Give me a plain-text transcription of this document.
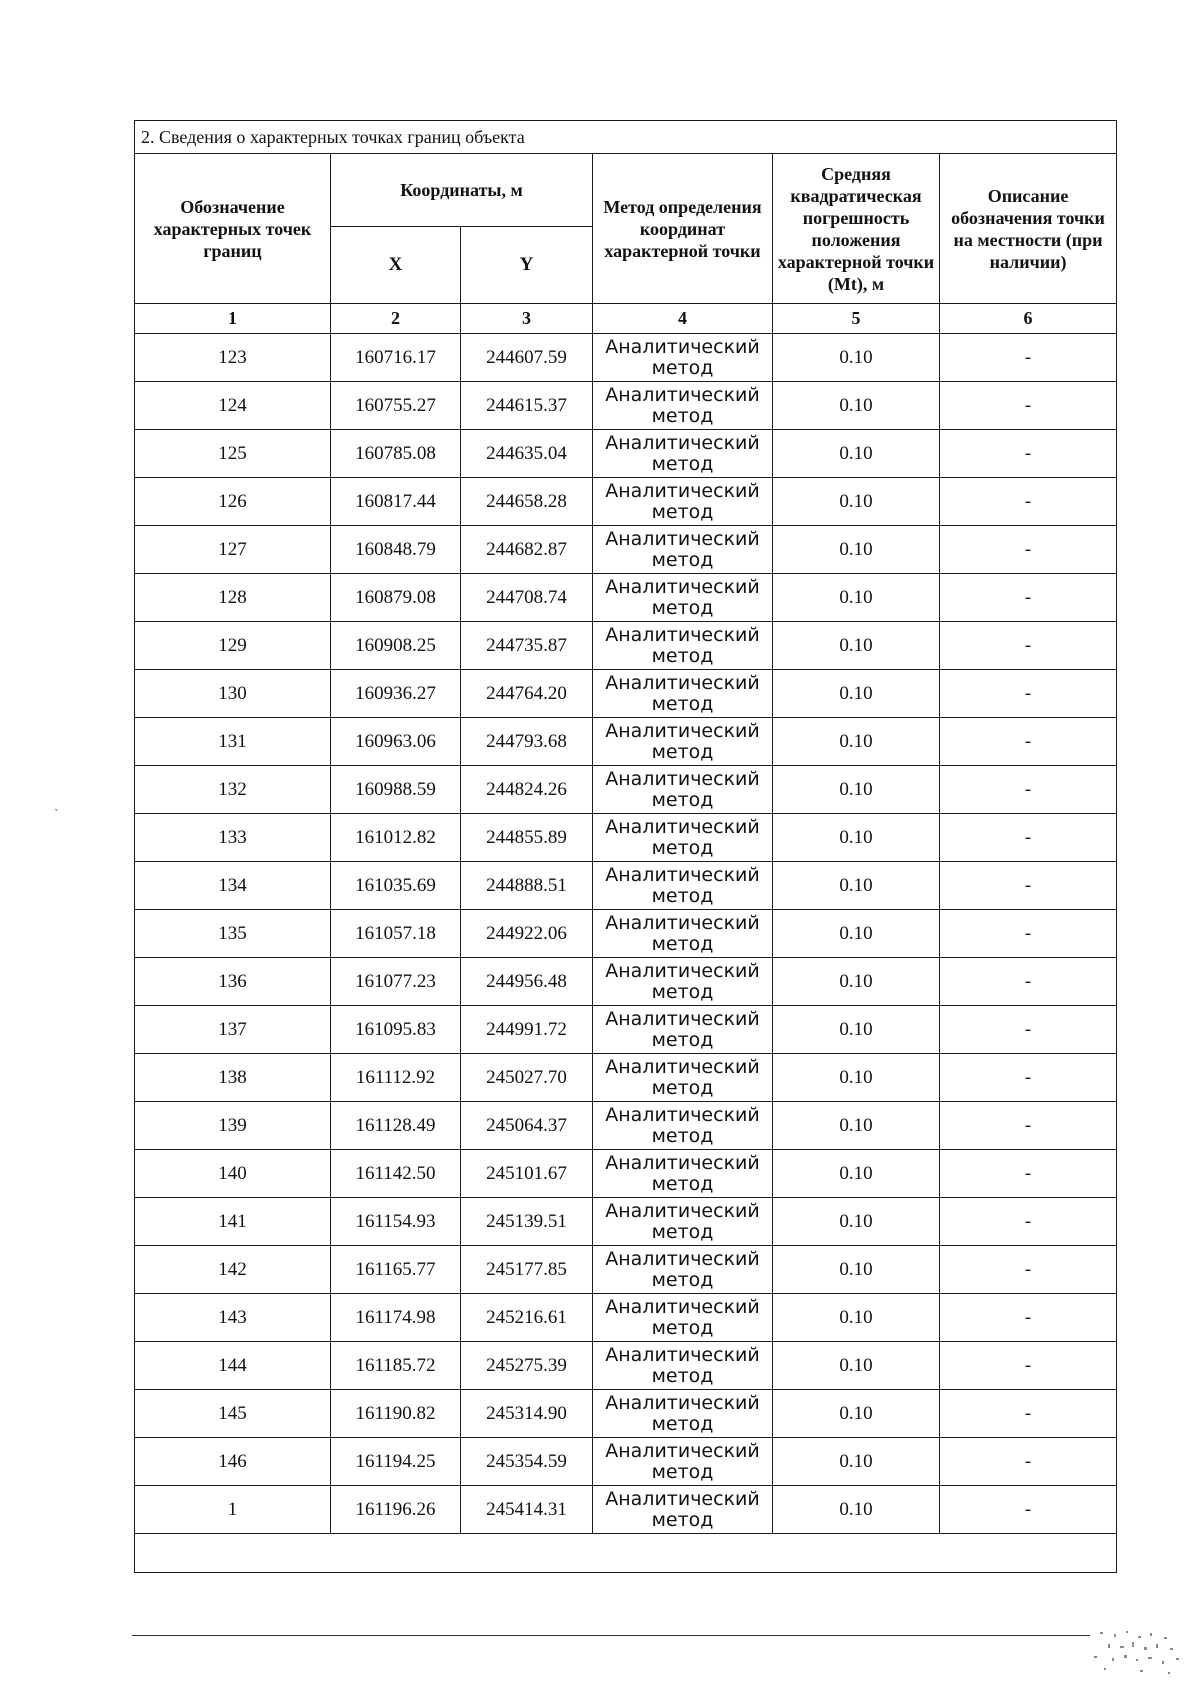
2. Сведения о характерных точках границ объекта					
Обозначение характерных точек границ	Координаты, м		Метод определения координат характерной точки	Средняя квадратическая погрешность положения характерной точки (Mt), м	Описание обозначения точки на местности (при наличии)
	X	Y			
1	2	3	4	5	6
123	160716.17	244607.59	Аналитический метод	0.10	-
124	160755.27	244615.37	Аналитический метод	0.10	-
125	160785.08	244635.04	Аналитический метод	0.10	-
126	160817.44	244658.28	Аналитический метод	0.10	-
127	160848.79	244682.87	Аналитический метод	0.10	-
128	160879.08	244708.74	Аналитический метод	0.10	-
129	160908.25	244735.87	Аналитический метод	0.10	-
130	160936.27	244764.20	Аналитический метод	0.10	-
131	160963.06	244793.68	Аналитический метод	0.10	-
132	160988.59	244824.26	Аналитический метод	0.10	-
133	161012.82	244855.89	Аналитический метод	0.10	-
134	161035.69	244888.51	Аналитический метод	0.10	-
135	161057.18	244922.06	Аналитический метод	0.10	-
136	161077.23	244956.48	Аналитический метод	0.10	-
137	161095.83	244991.72	Аналитический метод	0.10	-
138	161112.92	245027.70	Аналитический метод	0.10	-
139	161128.49	245064.37	Аналитический метод	0.10	-
140	161142.50	245101.67	Аналитический метод	0.10	-
141	161154.93	245139.51	Аналитический метод	0.10	-
142	161165.77	245177.85	Аналитический метод	0.10	-
143	161174.98	245216.61	Аналитический метод	0.10	-
144	161185.72	245275.39	Аналитический метод	0.10	-
145	161190.82	245314.90	Аналитический метод	0.10	-
146	161194.25	245354.59	Аналитический метод	0.10	-
1	161196.26	245414.31	Аналитический метод	0.10	-

ˎ
